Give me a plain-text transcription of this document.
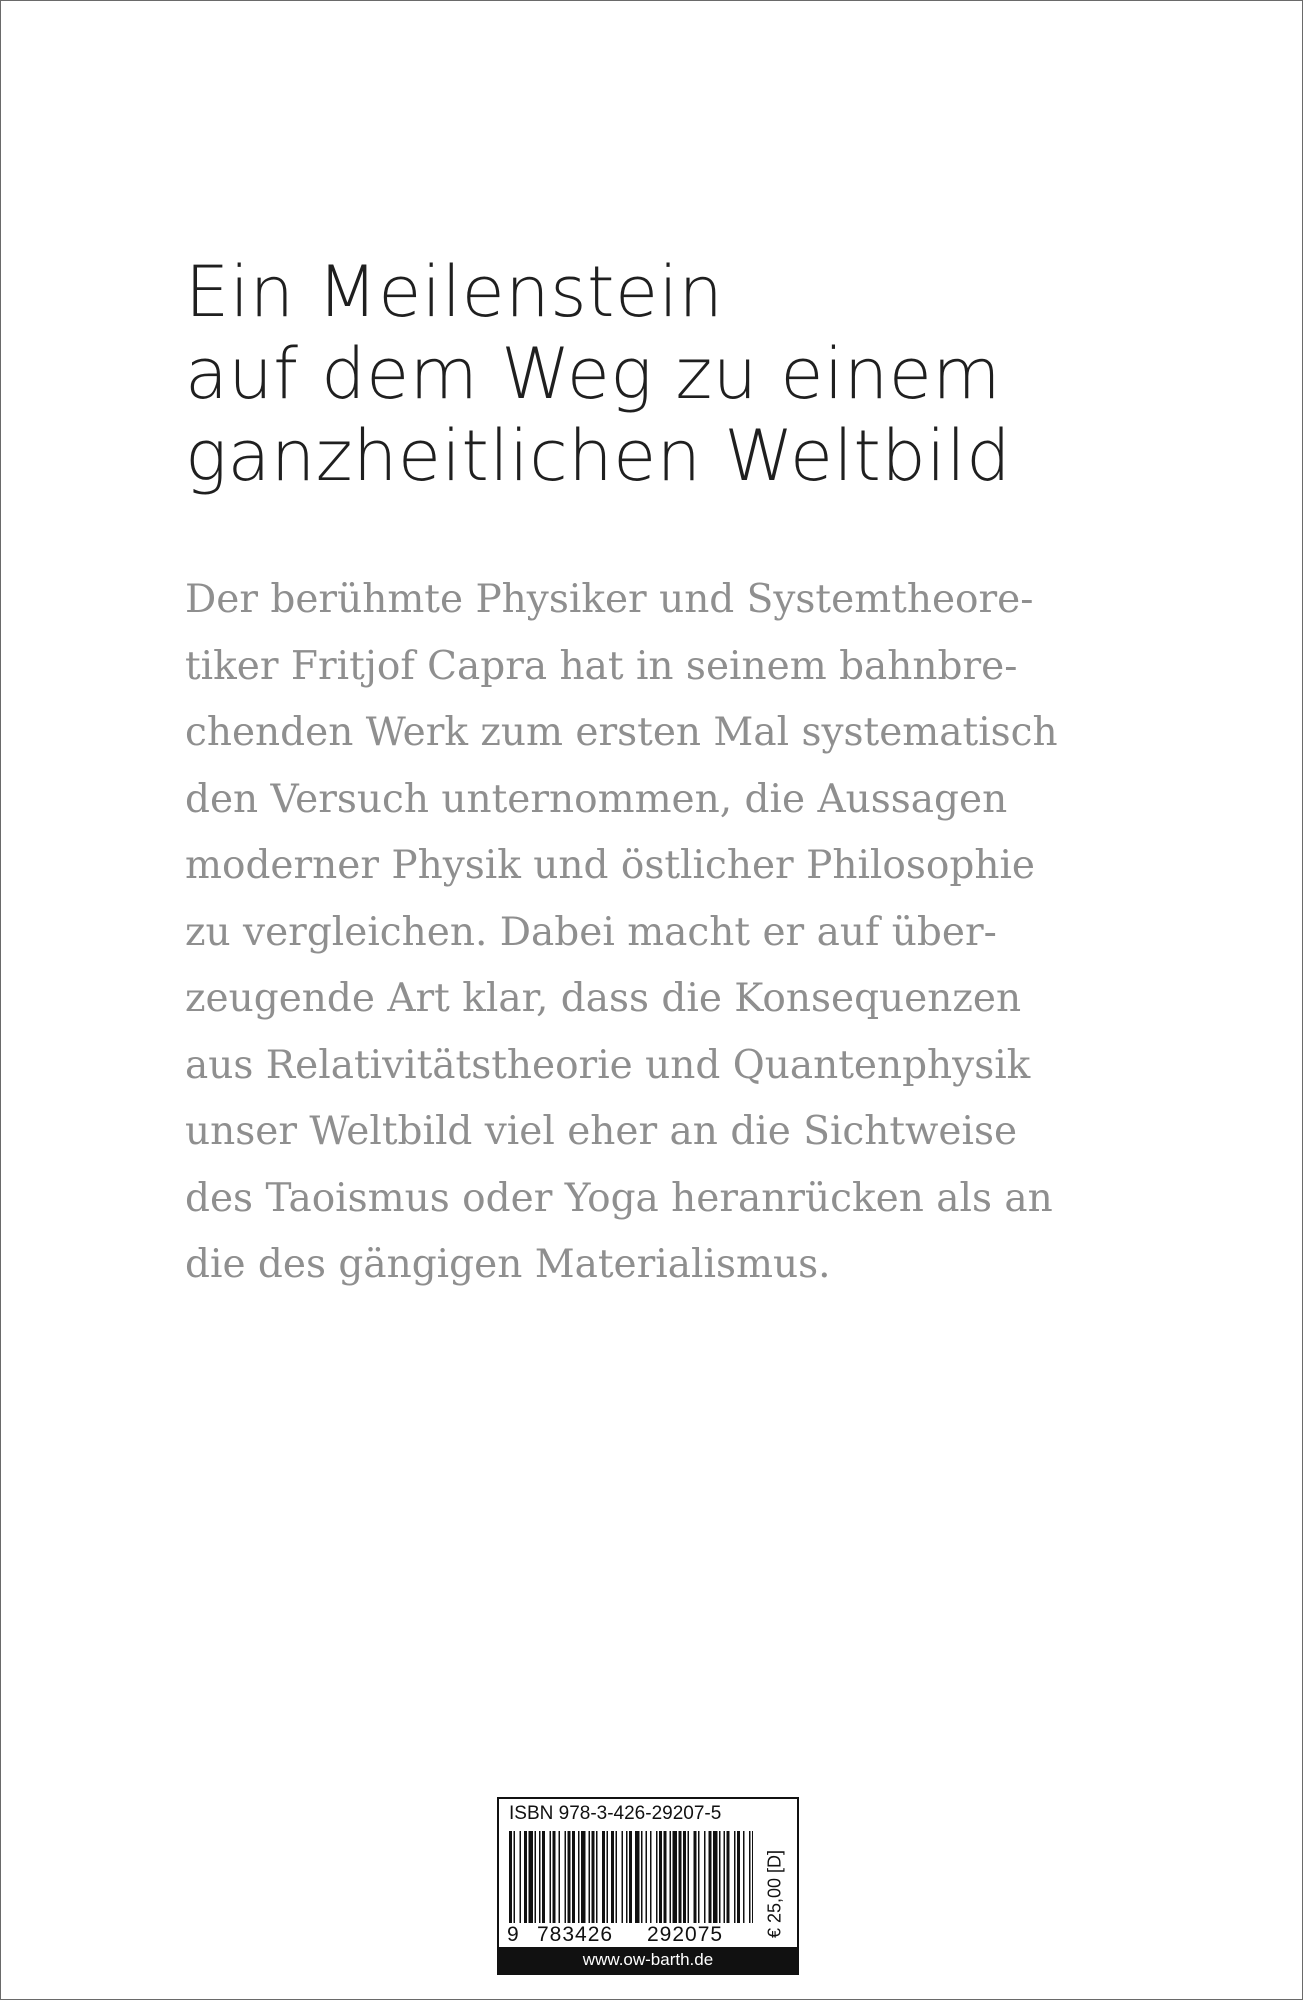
Ein Meilenstein
auf dem Weg zu einem
ganzheitlichen Weltbild

Der berühmte Physiker und Systemtheore-
tiker Fritjof Capra hat in seinem bahnbre-
chenden Werk zum ersten Mal systematisch
den Versuch unternommen, die Aussagen
moderner Physik und östlicher Philosophie
zu vergleichen. Dabei macht er auf über-
zeugende Art klar, dass die Konsequenzen
aus Relativitätstheorie und Quantenphysik
unser Weltbild viel eher an die Sichtweise
des Taoismus oder Yoga heranrücken als an
die des gängigen Materialismus.

ISBN 978-3-426-29207-5
9 783426 292075 € 25,00 [D]
www.ow-barth.de
